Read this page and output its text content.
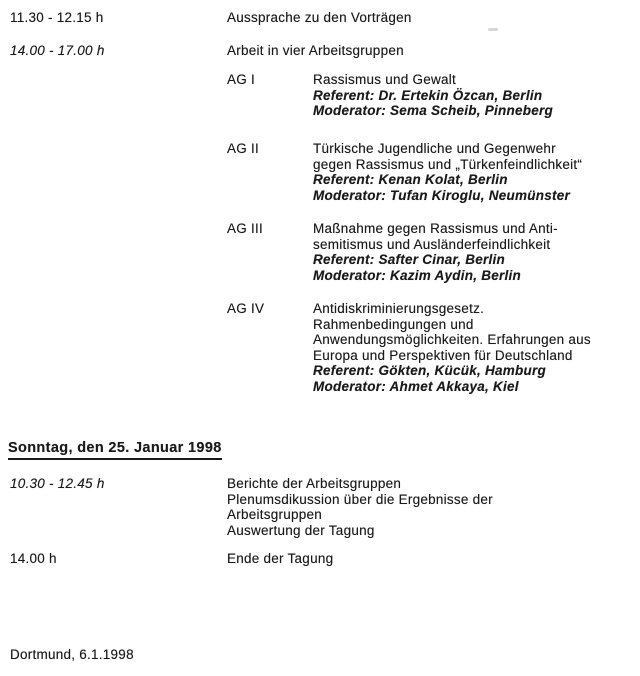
11.30 - 12.15 h	Aussprache zu den Vorträgen
14.00 - 17.00 h	Arbeit in vier Arbeitsgruppen
AG I	Rassismus und Gewalt
Referent: Dr. Ertekin Özcan, Berlin
Moderator: Sema Scheib, Pinneberg
AG II	Türkische Jugendliche und Gegenwehr
gegen Rassismus und „Türkenfeindlichkeit“
Referent: Kenan Kolat, Berlin
Moderator: Tufan Kiroglu, Neumünster
AG III	Maßnahme gegen Rassismus und Anti-
semitismus und Ausländerfeindlichkeit
Referent: Safter Cinar, Berlin
Moderator: Kazim Aydin, Berlin
AG IV	Antidiskriminierungsgesetz.
Rahmenbedingungen und
Anwendungsmöglichkeiten. Erfahrungen aus
Europa und Perspektiven für Deutschland
Referent: Gökten, Kücük, Hamburg
Moderator: Ahmet Akkaya, Kiel
Sonntag, den 25. Januar 1998
10.30 - 12.45 h	Berichte der Arbeitsgruppen
Plenumsdikussion über die Ergebnisse der
Arbeitsgruppen
Auswertung der Tagung
14.00 h	Ende der Tagung
Dortmund, 6.1.1998
